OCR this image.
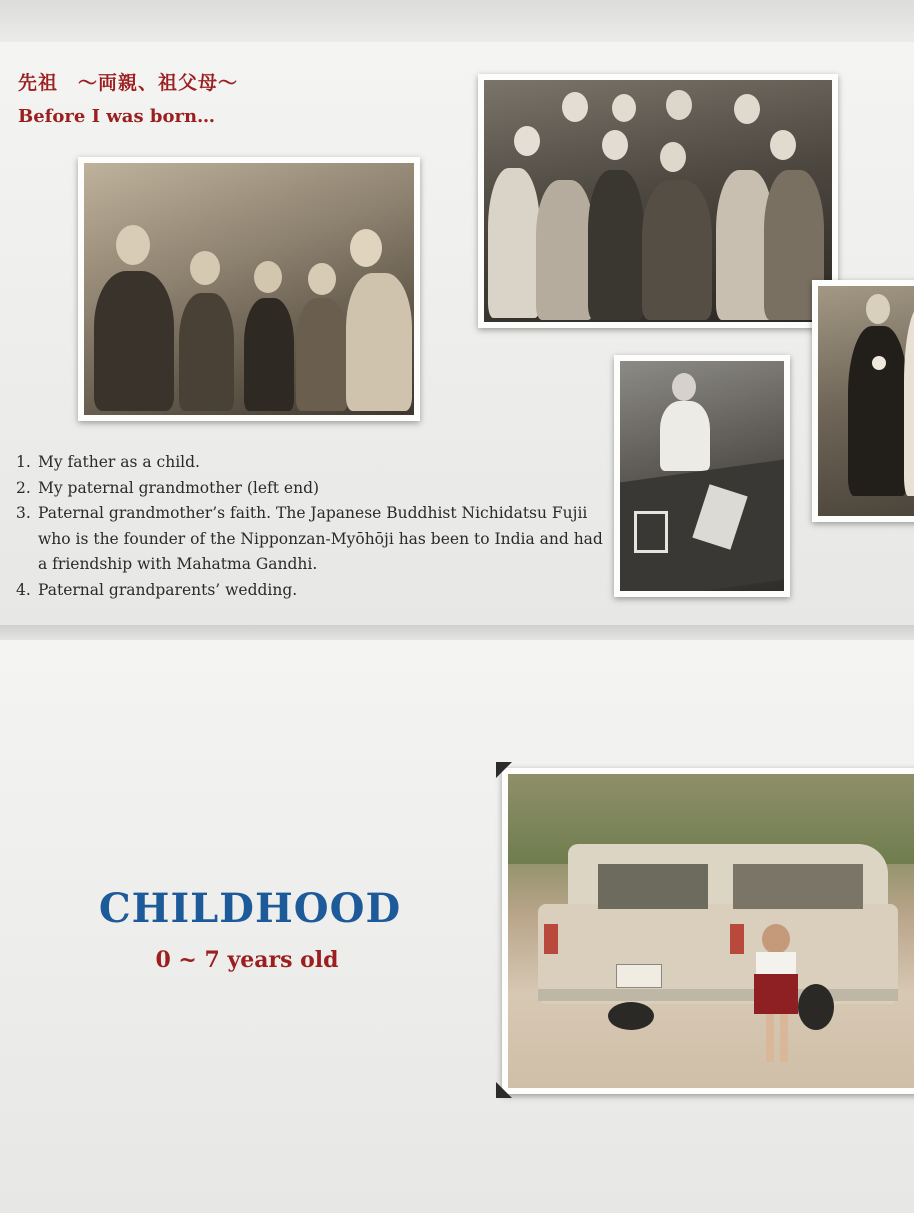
先祖　～両親、祖父母～
Before I was born…
1. My father as a child.
2. My paternal grandmother (left end)
3. Paternal grandmother’s faith. The Japanese Buddhist Nichidatsu Fujii who is the founder of the Nipponzan-Myōhōji has been to India and had a friendship with Mahatma Gandhi.
4. Paternal grandparents’ wedding.
CHILDHOOD
0 ~ 7 years old
